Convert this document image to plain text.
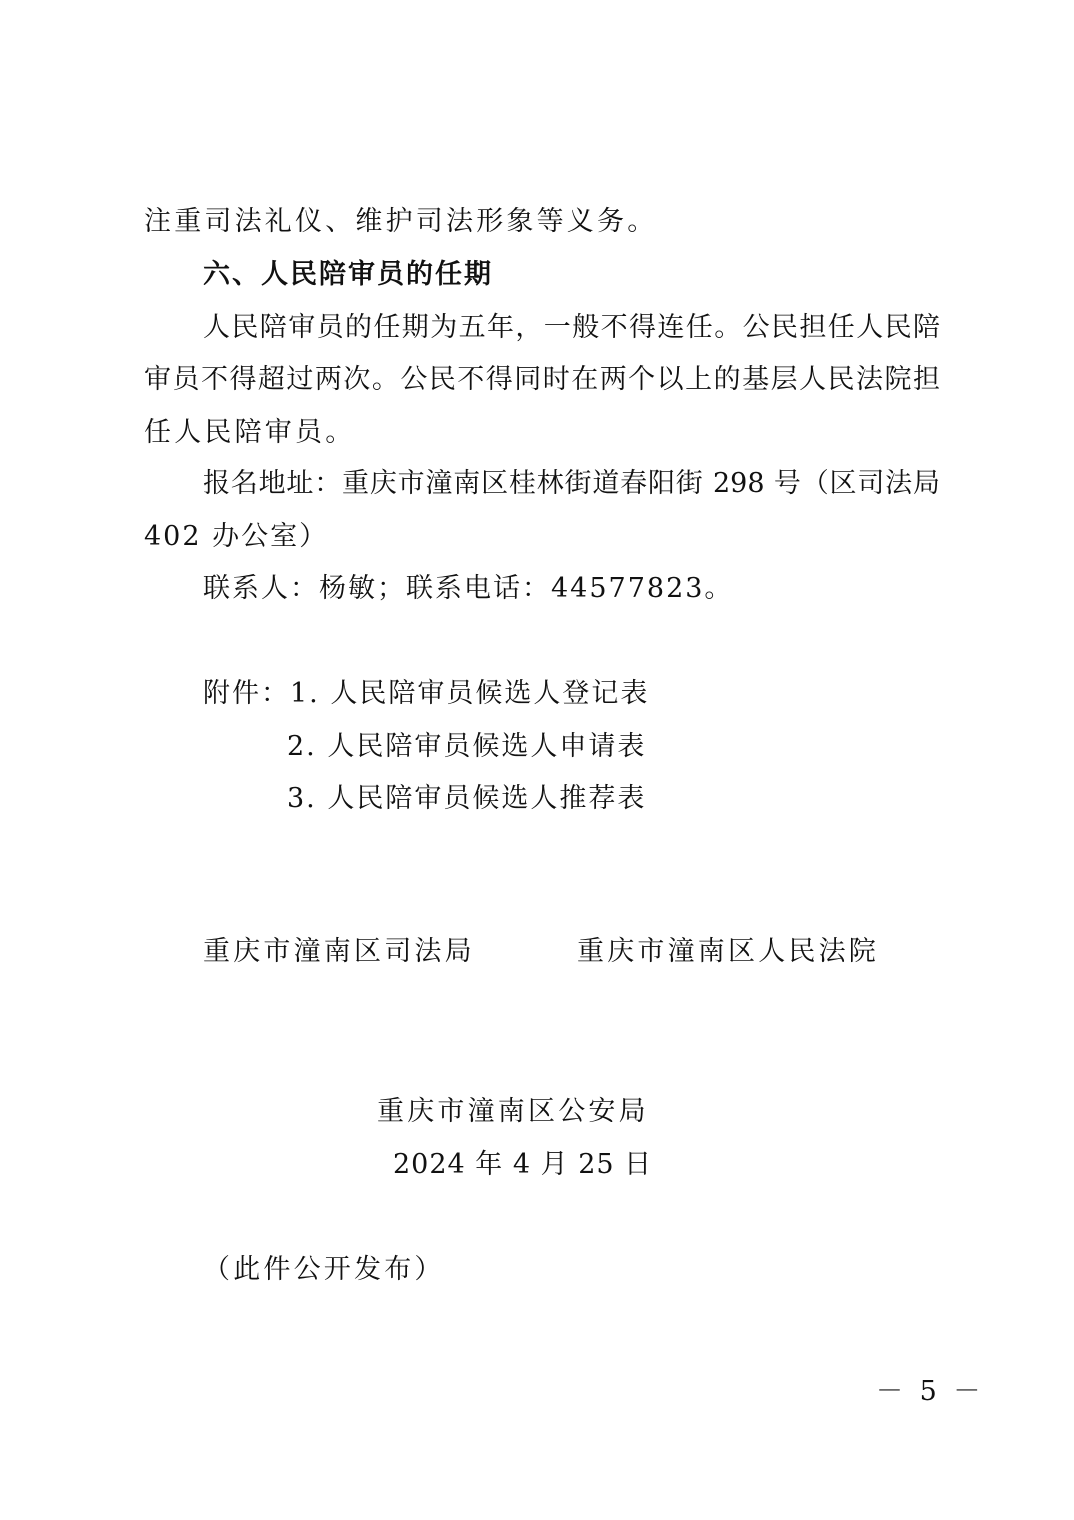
注重司法礼仪、维护司法形象等义务。
六、人民陪审员的任期
人民陪审员的任期为五年，一般不得连任。公民担任人民陪
审员不得超过两次。公民不得同时在两个以上的基层人民法院担
任人民陪审员。
报名地址：重庆市潼南区桂林街道春阳街 298 号（区司法局
402 办公室）
联系人：杨敏；联系电话：44577823。
附件：1. 人民陪审员候选人登记表
2. 人民陪审员候选人申请表
3. 人民陪审员候选人推荐表
重庆市潼南区司法局	重庆市潼南区人民法院
重庆市潼南区公安局
2024 年 4 月 25 日
（此件公开发布）
－ 5 －
